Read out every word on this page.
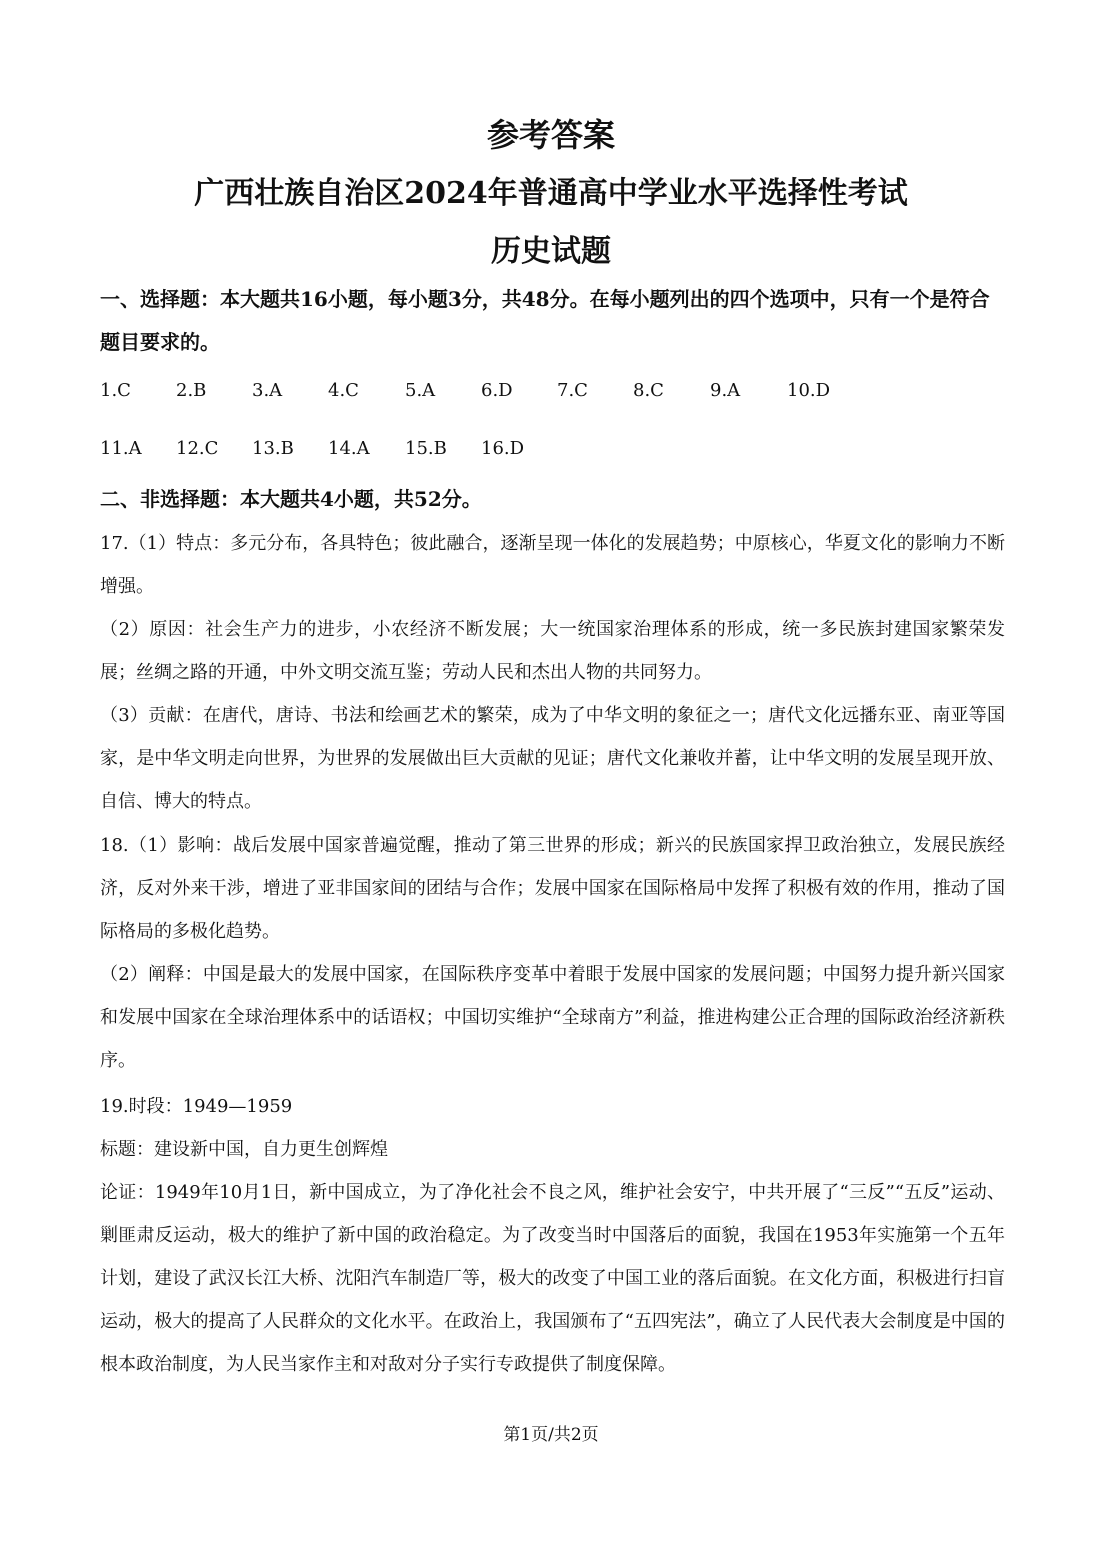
参考答案
广西壮族自治区2024年普通高中学业水平选择性考试
历史试题
一、选择题：本大题共16小题，每小题3分，共48分。在每小题列出的四个选项中，只有一个是符合题目要求的。
1.C	2.B	3.A	4.C	5.A	6.D 7.C	8.C	9.A	10.D
11.A 12.C 13.B 14.A 15.B 16.D
二、非选择题：本大题共4小题，共52分。

17.（1）特点：多元分布，各具特色；彼此融合，逐渐呈现一体化的发展趋势；中原核心，华夏文化的影响力不断增强。

（2）原因：社会生产力的进步，小农经济不断发展；大一统国家治理体系的形成，统一多民族封建国家繁荣发展；丝绸之路的开通，中外文明交流互鉴；劳动人民和杰出人物的共同努力。

（3）贡献：在唐代，唐诗、书法和绘画艺术的繁荣，成为了中华文明的象征之一；唐代文化远播东亚、南亚等国家，是中华文明走向世界，为世界的发展做出巨大贡献的见证；唐代文化兼收并蓄，让中华文明的发展呈现开放、自信、博大的特点。

18.（1）影响：战后发展中国家普遍觉醒，推动了第三世界的形成；新兴的民族国家捍卫政治独立，发展民族经济，反对外来干涉，增进了亚非国家间的团结与合作；发展中国家在国际格局中发挥了积极有效的作用，推动了国际格局的多极化趋势。

（2）阐释：中国是最大的发展中国家，在国际秩序变革中着眼于发展中国家的发展问题；中国努力提升新兴国家和发展中国家在全球治理体系中的话语权；中国切实维护“全球南方”利益，推进构建公正合理的国际政治经济新秩序。

19.时段：1949—1959

标题：建设新中国，自力更生创辉煌

论证：1949年10月1日，新中国成立，为了净化社会不良之风，维护社会安宁，中共开展了“三反”“五反”运动、剿匪肃反运动，极大的维护了新中国的政治稳定。为了改变当时中国落后的面貌，我国在1953年实施第一个五年计划，建设了武汉长江大桥、沈阳汽车制造厂等，极大的改变了中国工业的落后面貌。在文化方面，积极进行扫盲运动，极大的提高了人民群众的文化水平。在政治上，我国颁布了“五四宪法”，确立了人民代表大会制度是中国的根本政治制度，为人民当家作主和对敌对分子实行专政提供了制度保障。

第1页/共2页
